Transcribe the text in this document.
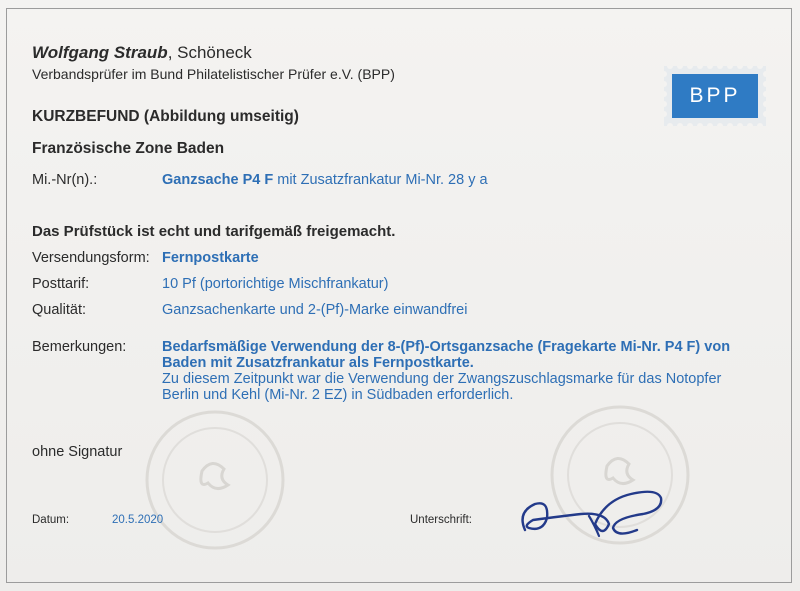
Wolfgang Straub, Schöneck
Verbandsprüfer im Bund Philatelistischer Prüfer e.V. (BPP)
BPP
KURZBEFUND (Abbildung umseitig)
Französische Zone Baden
Mi.-Nr(n).:	Ganzsache P4 F mit Zusatzfrankatur Mi-Nr. 28 y a
Das Prüfstück ist echt und tarifgemäß freigemacht.
Versendungsform: Fernpostkarte
Posttarif:	10 Pf (portorichtige Mischfrankatur)
Qualität:	Ganzsachenkarte und 2-(Pf)-Marke einwandfrei
Bemerkungen: Bedarfsmäßige Verwendung der 8-(Pf)-Ortsganzsache (Fragekarte Mi-Nr. P4 F) von
Baden mit Zusatzfrankatur als Fernpostkarte.
Zu diesem Zeitpunkt war die Verwendung der Zwangszuschlagsmarke für das Notopfer
Berlin und Kehl (Mi-Nr. 2 EZ) in Südbaden erforderlich.
ohne Signatur
Datum:	20.5.2020	Unterschrift:
